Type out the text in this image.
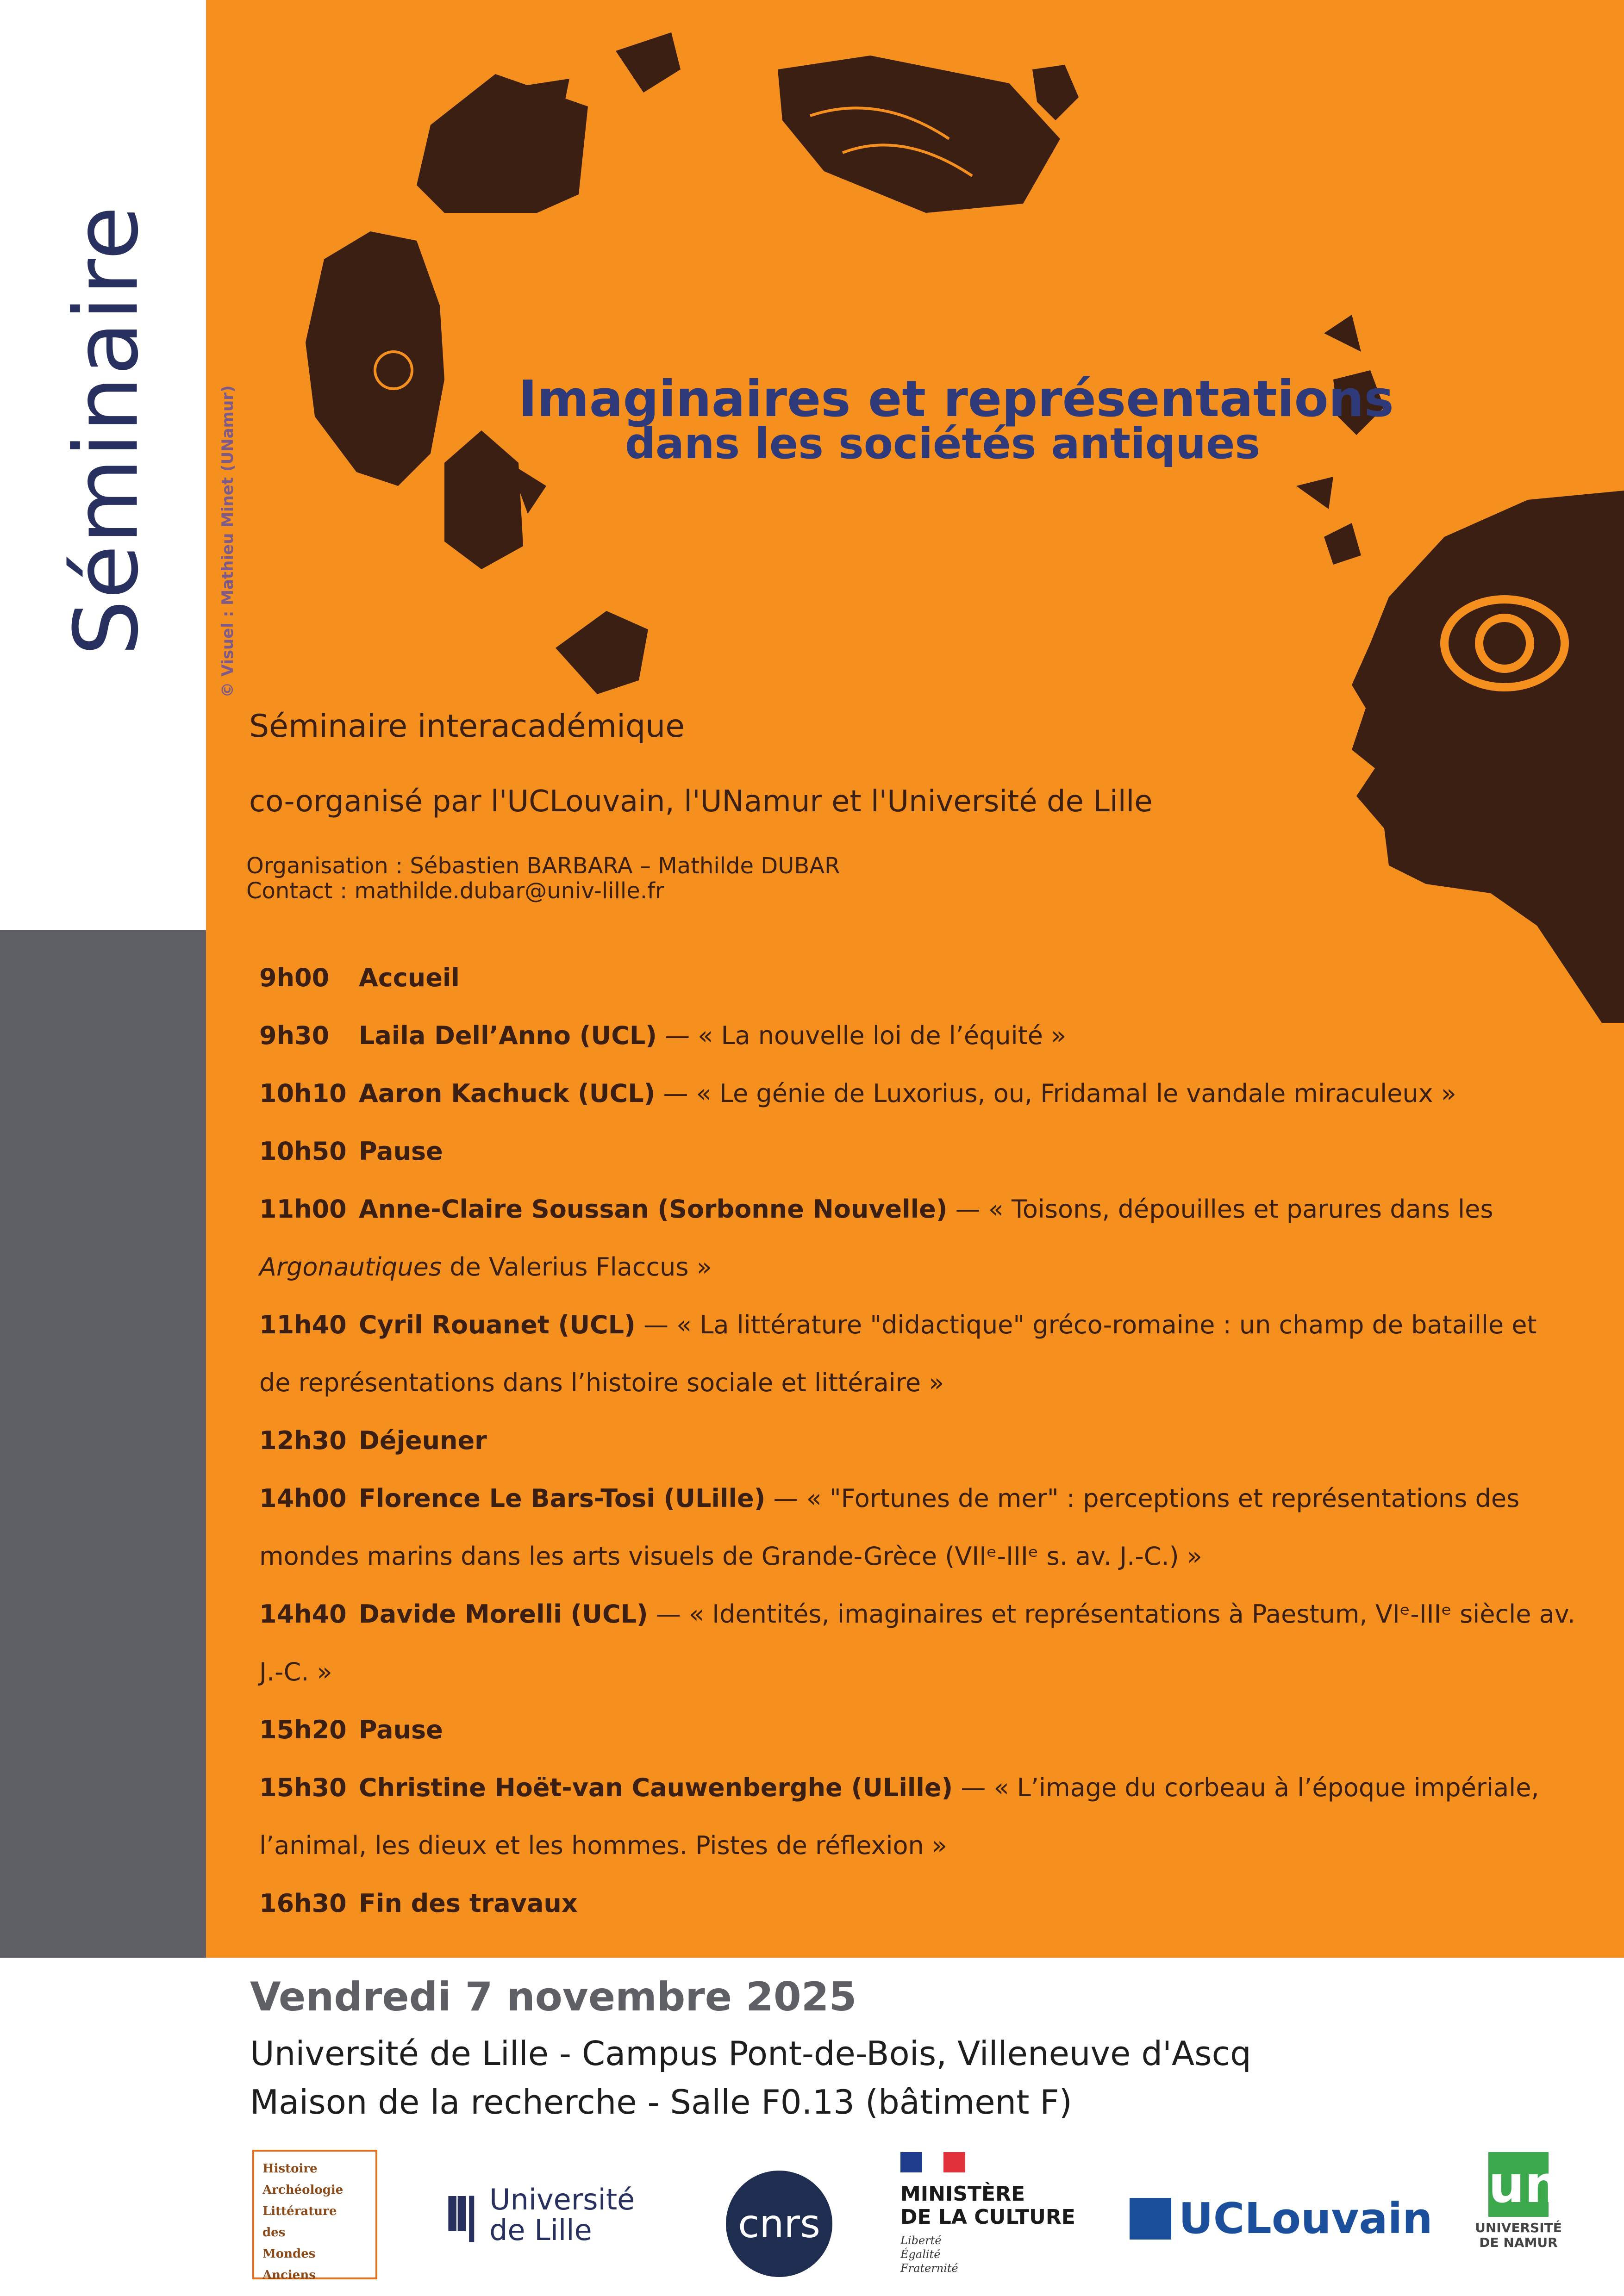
Séminaire	© Visuel : Mathieu Minet (UNamur)	Imaginaires et représentations
dans les sociétés antiques
Séminaire interacadémique
co-organisé par l'UCLouvain, l'UNamur et l'Université de Lille
Organisation : Sébastien BARBARA – Mathilde DUBAR
Contact : mathilde.dubar@univ-lille.fr
9h00 Accueil
9h30 Laila Dell’Anno (UCL) — « La nouvelle loi de l’équité »
10h10 Aaron Kachuck (UCL) — « Le génie de Luxorius, ou, Fridamal le vandale miraculeux »
10h50 Pause
11h00 Anne-Claire Soussan (Sorbonne Nouvelle) — « Toisons, dépouilles et parures dans les
Argonautiques de Valerius Flaccus »
11h40 Cyril Rouanet (UCL) — « La littérature "didactique" gréco-romaine : un champ de bataille et
de représentations dans l’histoire sociale et littéraire »
12h30 Déjeuner
14h00 Florence Le Bars-Tosi (ULille) — « "Fortunes de mer" : perceptions et représentations des
mondes marins dans les arts visuels de Grande-Grèce (VIIᵉ-IIIᵉ s. av. J.-C.) »
14h40 Davide Morelli (UCL) — « Identités, imaginaires et représentations à Paestum, VIᵉ-IIIᵉ siècle av.
J.-C. »
15h20 Pause
15h30 Christine Hoët-van Cauwenberghe (ULille) — « L’image du corbeau à l’époque impériale,
l’animal, les dieux et les hommes. Pistes de réflexion »
16h30 Fin des travaux
Vendredi 7 novembre 2025
Université de Lille - Campus Pont-de-Bois, Villeneuve d'Ascq
Maison de la recherche - Salle F0.13 (bâtiment F)
Histoire
Archéologie
Littérature
des
Mondes
Anciens
ll| Université
de Lille	cnrs
MINISTÈRE
DE LA CULTURE
Liberté
Égalité
Fraternité
UCLouvain
un
UNIVERSITÉ
DE NAMUR
